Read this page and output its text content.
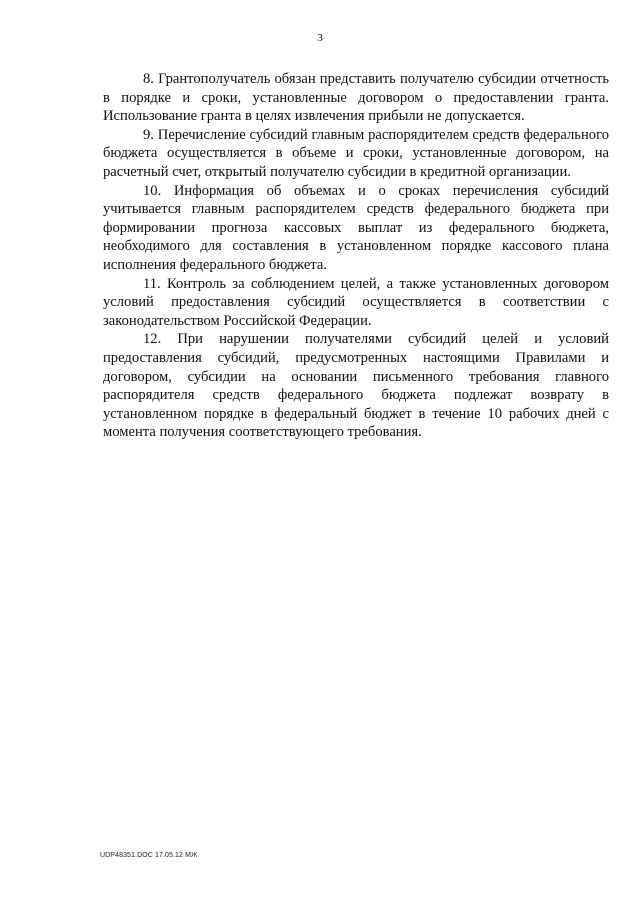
3

8. Грантополучатель обязан представить получателю субсидии отчетность в порядке и сроки, установленные договором о предоставлении гранта. Использование гранта в целях извлечения прибыли не допускается.

9. Перечисление субсидий главным распорядителем средств федерального бюджета осуществляется в объеме и сроки, установленные договором, на расчетный счет, открытый получателю субсидии в кредитной организации.

10. Информация об объемах и о сроках перечисления субсидий учитывается главным распорядителем средств федерального бюджета при формировании прогноза кассовых выплат из федерального бюджета, необходимого для составления в установленном порядке кассового плана исполнения федерального бюджета.

11. Контроль за соблюдением целей, а также установленных договором условий предоставления субсидий осуществляется в соответствии с законодательством Российской Федерации.

12. При нарушении получателями субсидий целей и условий предоставления субсидий, предусмотренных настоящими Правилами и договором, субсидии на основании письменного требования главного распорядителя средств федерального бюджета подлежат возврату в установленном порядке в федеральный бюджет в течение 10 рабочих дней с момента получения соответствующего требования.

UDP48351.DOC 17.05.12 МЖ
